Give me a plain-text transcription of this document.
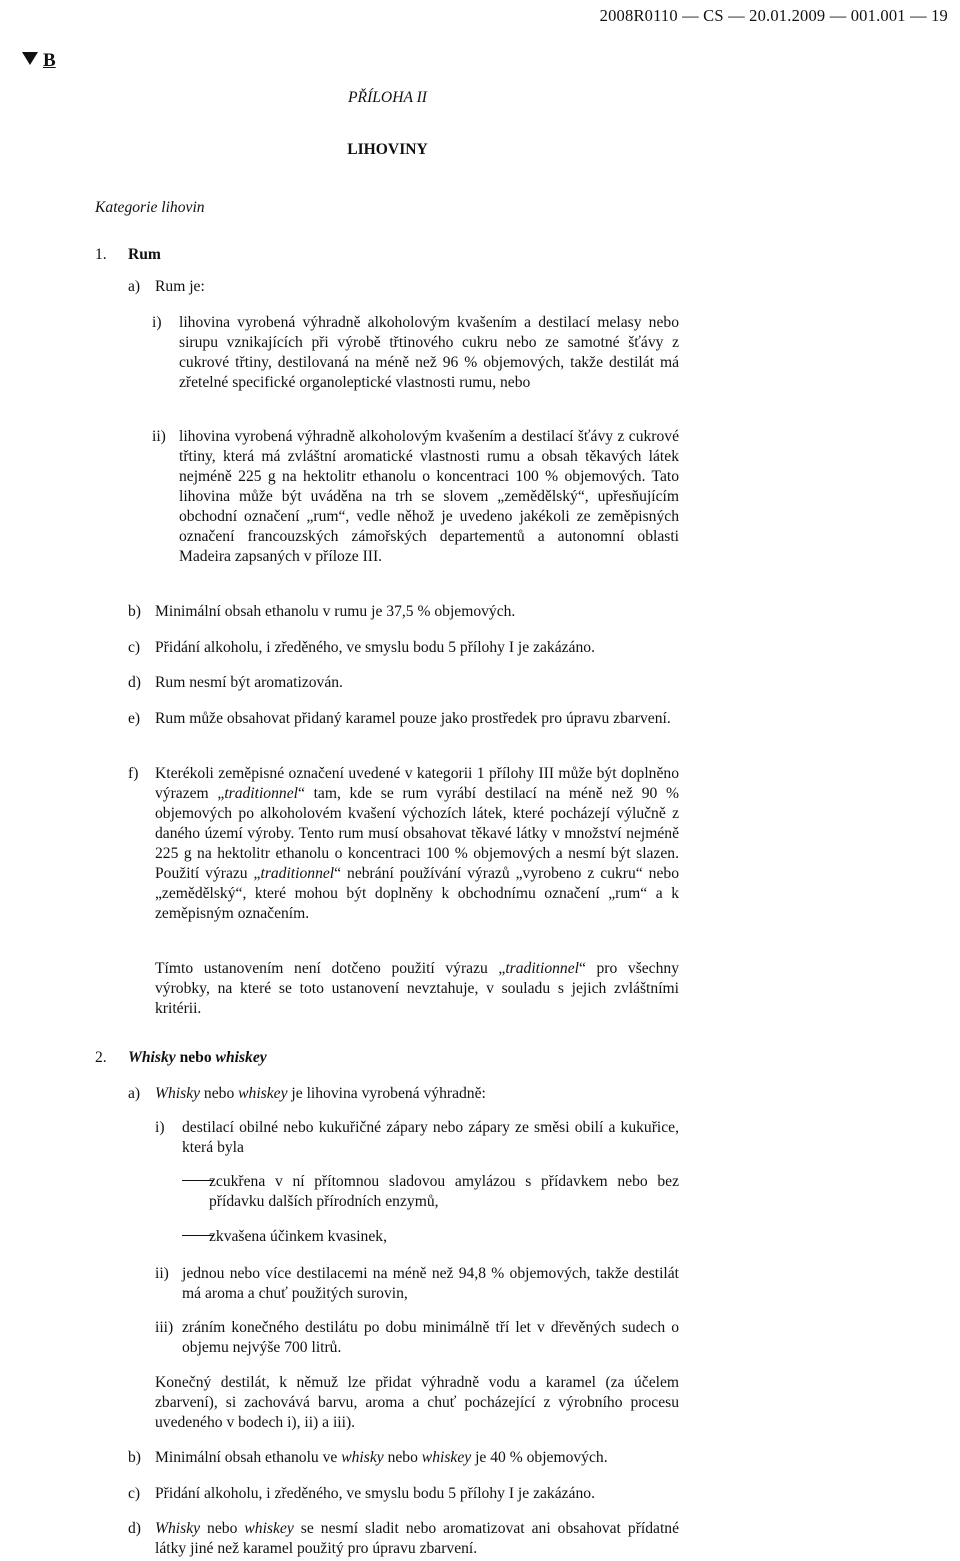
2008R0110 — CS — 20.01.2009 — 001.001 — 19
B
PŘÍLOHA II
LIHOVINY
Kategorie lihovin
1. Rum
a) Rum je:
i) lihovina vyrobená výhradně alkoholovým kvašením a destilací melasy nebo sirupu vznikajících při výrobě třtinového cukru nebo ze samotné šťávy z cukrové třtiny, destilovaná na méně než 96 % objemových, takže destilát má zřetelné specifické organoleptické vlastnosti rumu, nebo
ii) lihovina vyrobená výhradně alkoholovým kvašením a destilací šťávy z cukrové třtiny, která má zvláštní aromatické vlastnosti rumu a obsah těkavých látek nejméně 225 g na hektolitr ethanolu o koncentraci 100 % objemových. Tato lihovina může být uváděna na trh se slovem „zemědělský“, upřesňujícím obchodní označení „rum“, vedle něhož je uvedeno jakékoli ze zeměpisných označení francouzských zámořských departementů a autonomní oblasti Madeira zapsaných v příloze III.
b) Minimální obsah ethanolu v rumu je 37,5 % objemových.
c) Přidání alkoholu, i zředěného, ve smyslu bodu 5 přílohy I je zakázáno.
d) Rum nesmí být aromatizován.
e) Rum může obsahovat přidaný karamel pouze jako prostředek pro úpravu zbarvení.
f) Kterékoli zeměpisné označení uvedené v kategorii 1 přílohy III může být doplněno výrazem „traditionnel“ tam, kde se rum vyrábí destilací na méně než 90 % objemových po alkoholovém kvašení výchozích látek, které pocházejí výlučně z daného území výroby. Tento rum musí obsahovat těkavé látky v množství nejméně 225 g na hektolitr ethanolu o koncentraci 100 % objemových a nesmí být slazen. Použití výrazu „traditionnel“ nebrání používání výrazů „vyrobeno z cukru“ nebo „zemědělský“, které mohou být doplněny k obchodnímu označení „rum“ a k zeměpisným označením.
Tímto ustanovením není dotčeno použití výrazu „traditionnel“ pro všechny výrobky, na které se toto ustanovení nevztahuje, v souladu s jejich zvláštními kritérii.
2. Whisky nebo whiskey
a) Whisky nebo whiskey je lihovina vyrobená výhradně:
i) destilací obilné nebo kukuřičné zápary nebo zápary ze směsi obilí a kukuřice, která byla
zcukřena v ní přítomnou sladovou amylázou s přídavkem nebo bez přídavku dalších přírodních enzymů,
zkvašena účinkem kvasinek,
ii) jednou nebo více destilacemi na méně než 94,8 % objemových, takže destilát má aroma a chuť použitých surovin,
iii) zráním konečného destilátu po dobu minimálně tří let v dřevěných sudech o objemu nejvýše 700 litrů.
Konečný destilát, k němuž lze přidat výhradně vodu a karamel (za účelem zbarvení), si zachovává barvu, aroma a chuť pocházející z výrobního procesu uvedeného v bodech i), ii) a iii).
b) Minimální obsah ethanolu ve whisky nebo whiskey je 40 % objemových.
c) Přidání alkoholu, i zředěného, ve smyslu bodu 5 přílohy I je zakázáno.
d) Whisky nebo whiskey se nesmí sladit nebo aromatizovat ani obsahovat přídatné látky jiné než karamel použitý pro úpravu zbarvení.
